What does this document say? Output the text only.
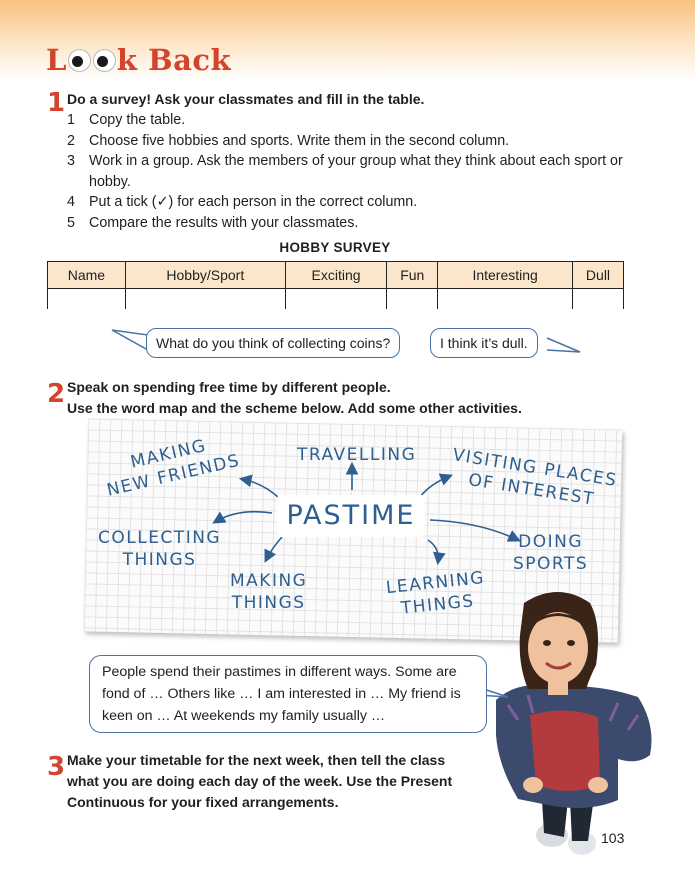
L k Back
1 Do a survey! Ask your classmates and fill in the table.
1 Copy the table.
2 Choose five hobbies and sports. Write them in the second column.
3 Work in a group. Ask the members of your group what they think about each sport or hobby.
4 Put a tick (✓) for each person in the correct column.
5 Compare the results with your classmates.
HOBBY SURVEY
Name	Hobby/Sport	Exciting	Fun	Interesting	Dull

What do you think of collecting coins?	I think it’s dull.
2 Speak on spending free time by different people.
Use the word map and the scheme below. Add some other activities.
PASTIME
MAKING
NEW FRIENDS	TRAVELLING VISITING PLACES
OF INTEREST
COLLECTING
THINGS
MAKING
THINGS
LEARNING
THINGS
DOING
SPORTS
People spend their pastimes in different ways. Some are fond of … Others like … I am interested in … My friend is keen on … At weekends my family usually …
3 Make your timetable for the next week, then tell the class what you are doing each day of the week. Use the Present Continuous for your fixed arrangements.
103
